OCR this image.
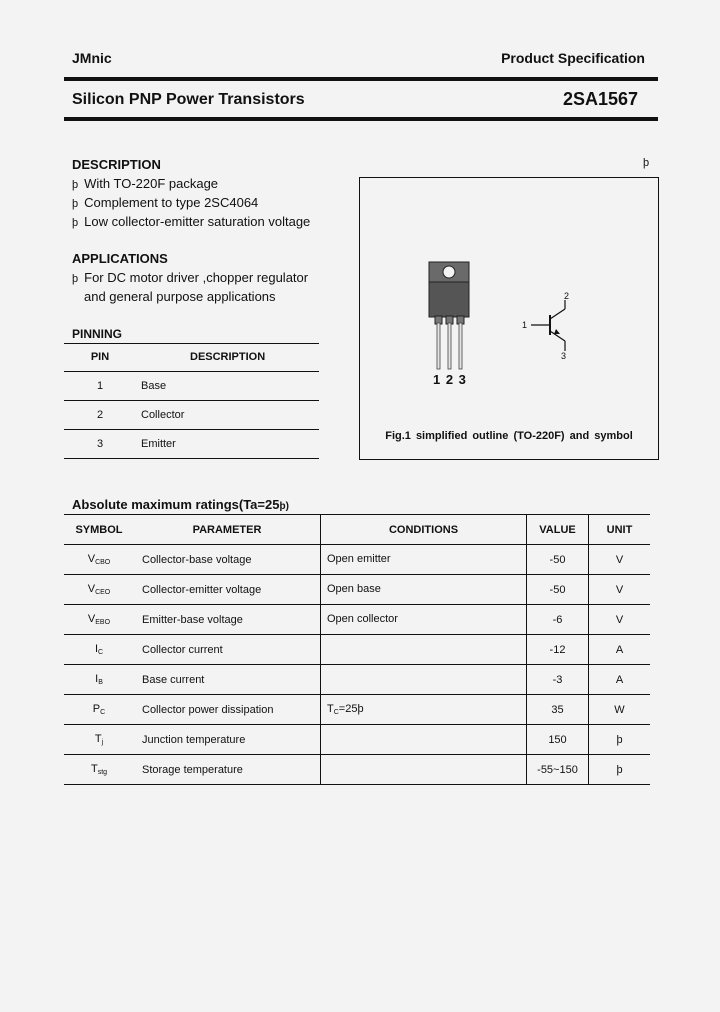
JMnic	Product Specification
Silicon PNP Power Transistors	2SA1567
DESCRIPTION
þ With TO-220F package
þ Complement to type 2SC4064
þ Low collector-emitter saturation voltage
APPLICATIONS
þ For DC motor driver ,chopper regulator
and general purpose applications
PINNING
PIN	DESCRIPTION
1	Base
2	Collector
3	Emitter
þ
1 2 3
1
2
3
Fig.1 simplified outline (TO-220F) and symbol
Absolute maximum ratings(Ta=25þ)
SYMBOL	PARAMETER	CONDITIONS	VALUE	UNIT
$V_{CBO}$	Collector-base voltage	Open emitter	-50	V
$V_{CEO}$	Collector-emitter voltage	Open base	-50	V
$V_{EBO}$	Emitter-base voltage	Open collector	-6	V
$I_C$	Collector current		-12	A
$I_B$	Base current		-3	A
$P_C$	Collector power dissipation	$T_C=25þ$	35	W
$T_j$	Junction temperature		150	þ
$T_{stg}$	Storage temperature		-55~150	þ
